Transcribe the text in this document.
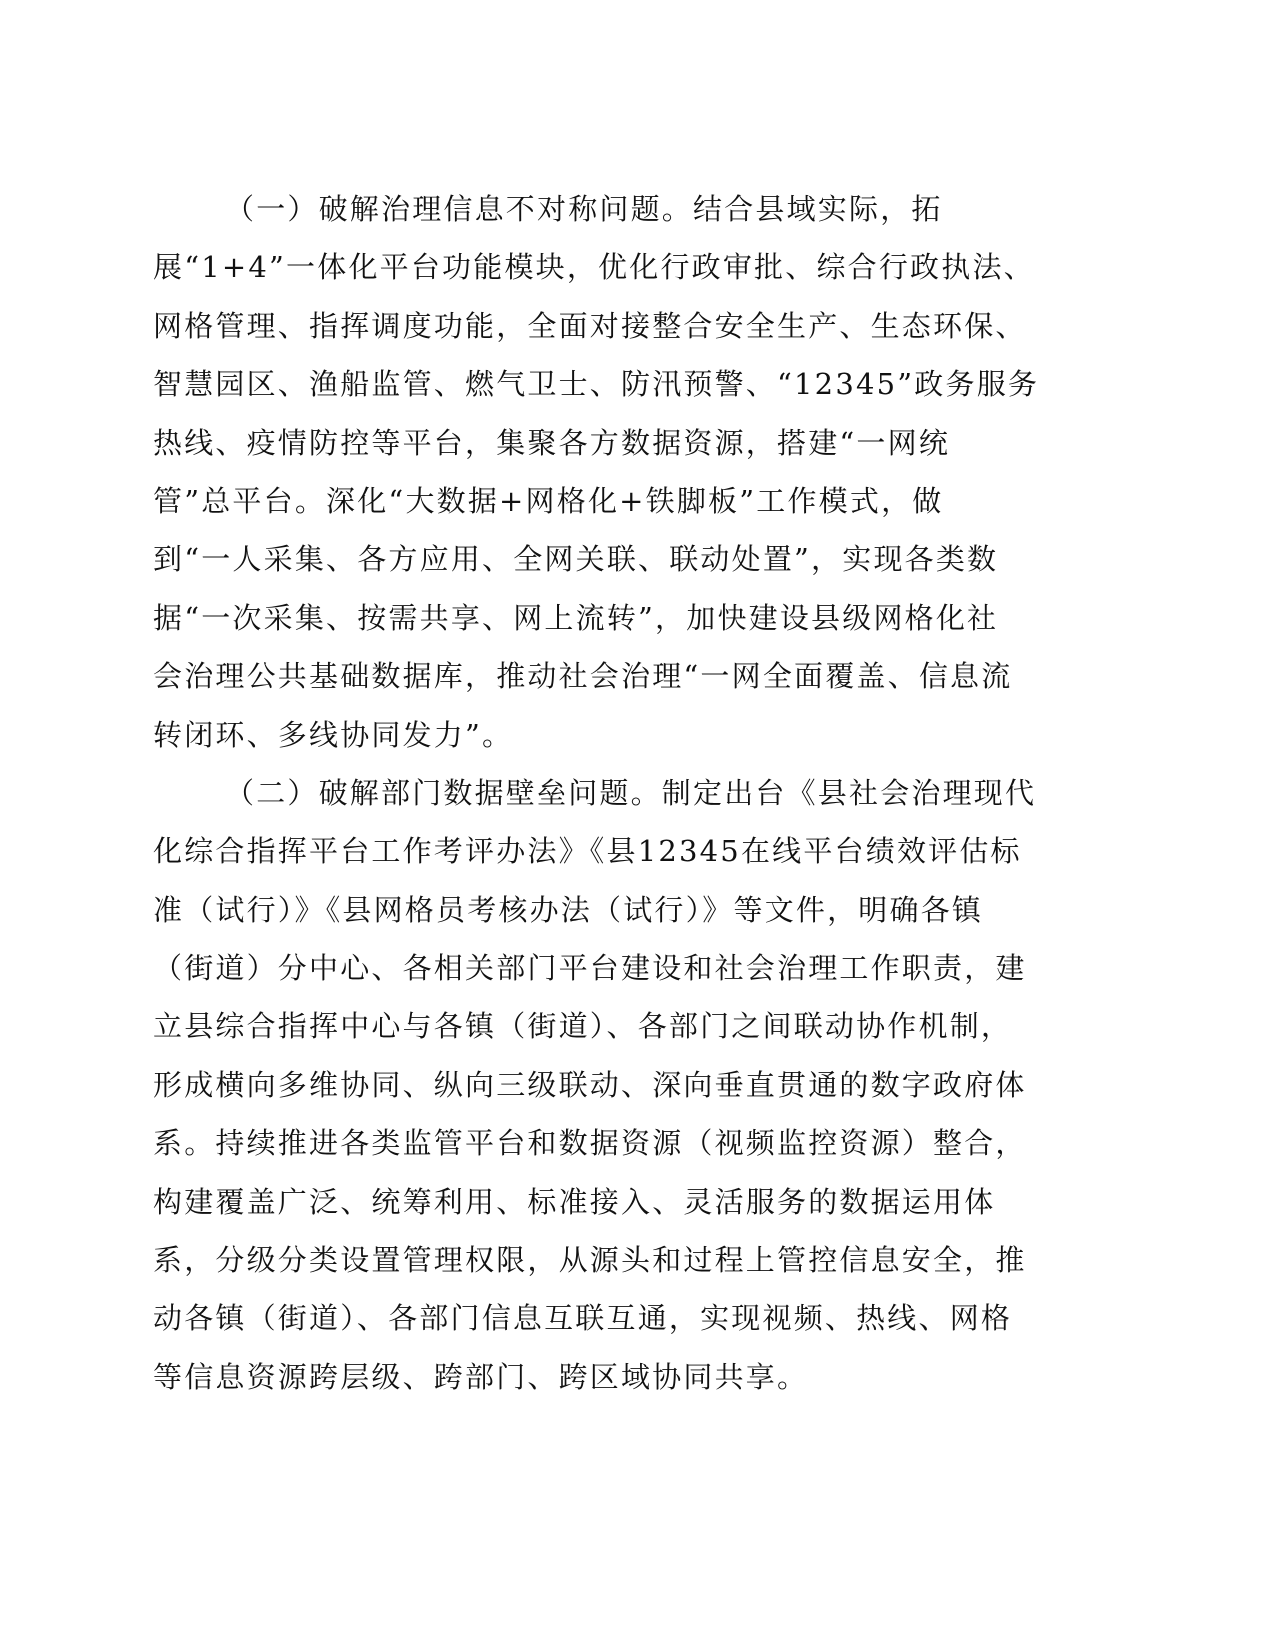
（一）破解治理信息不对称问题。结合县域实际，拓
展“1+4”一体化平台功能模块，优化行政审批、综合行政执法、
网格管理、指挥调度功能，全面对接整合安全生产、生态环保、
智慧园区、渔船监管、燃气卫士、防汛预警、“12345”政务服务
热线、疫情防控等平台，集聚各方数据资源，搭建“一网统
管”总平台。深化“大数据+网格化+铁脚板”工作模式，做
到“一人采集、各方应用、全网关联、联动处置”，实现各类数
据“一次采集、按需共享、网上流转”，加快建设县级网格化社
会治理公共基础数据库，推动社会治理“一网全面覆盖、信息流
转闭环、多线协同发力”。
（二）破解部门数据壁垒问题。制定出台《县社会治理现代
化综合指挥平台工作考评办法》《县12345在线平台绩效评估标
准（试行）》《县网格员考核办法（试行）》等文件，明确各镇
（街道）分中心、各相关部门平台建设和社会治理工作职责，建
立县综合指挥中心与各镇（街道）、各部门之间联动协作机制，
形成横向多维协同、纵向三级联动、深向垂直贯通的数字政府体
系。持续推进各类监管平台和数据资源（视频监控资源）整合，
构建覆盖广泛、统筹利用、标准接入、灵活服务的数据运用体
系，分级分类设置管理权限，从源头和过程上管控信息安全，推
动各镇（街道）、各部门信息互联互通，实现视频、热线、网格
等信息资源跨层级、跨部门、跨区域协同共享。
